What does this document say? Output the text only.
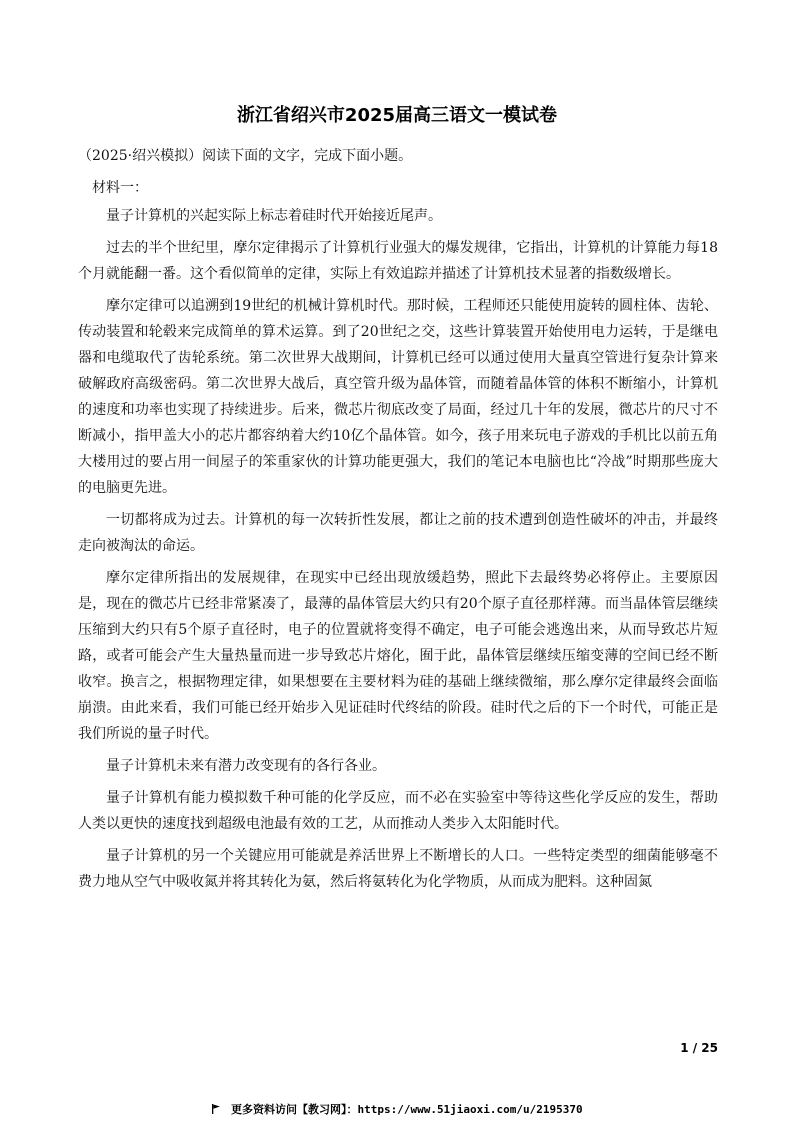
浙江省绍兴市2025届高三语文一模试卷
（2025·绍兴模拟）阅读下面的文字，完成下面小题。
材料一：

量子计算机的兴起实际上标志着硅时代开始接近尾声。

过去的半个世纪里，摩尔定律揭示了计算机行业强大的爆发规律，它指出，计算机的计算能力每18个月就能翻一番。这个看似简单的定律，实际上有效追踪并描述了计算机技术显著的指数级增长。

摩尔定律可以追溯到19世纪的机械计算机时代。那时候，工程师还只能使用旋转的圆柱体、齿轮、传动装置和轮毂来完成简单的算术运算。到了20世纪之交，这些计算装置开始使用电力运转，于是继电器和电缆取代了齿轮系统。第二次世界大战期间，计算机已经可以通过使用大量真空管进行复杂计算来破解政府高级密码。第二次世界大战后，真空管升级为晶体管，而随着晶体管的体积不断缩小，计算机的速度和功率也实现了持续进步。后来，微芯片彻底改变了局面，经过几十年的发展，微芯片的尺寸不断减小，指甲盖大小的芯片都容纳着大约10亿个晶体管。如今，孩子用来玩电子游戏的手机比以前五角大楼用过的要占用一间屋子的笨重家伙的计算功能更强大，我们的笔记本电脑也比“冷战”时期那些庞大的电脑更先进。

一切都将成为过去。计算机的每一次转折性发展，都让之前的技术遭到创造性破坏的冲击，并最终走向被淘汰的命运。

摩尔定律所指出的发展规律，在现实中已经出现放缓趋势，照此下去最终势必将停止。主要原因是，现在的微芯片已经非常紧凑了，最薄的晶体管层大约只有20个原子直径那样薄。而当晶体管层继续压缩到大约只有5个原子直径时，电子的位置就将变得不确定，电子可能会逃逸出来，从而导致芯片短路，或者可能会产生大量热量而进一步导致芯片熔化，囿于此，晶体管层继续压缩变薄的空间已经不断收窄。换言之，根据物理定律，如果想要在主要材料为硅的基础上继续微缩，那么摩尔定律最终会面临崩溃。由此来看，我们可能已经开始步入见证硅时代终结的阶段。硅时代之后的下一个时代，可能正是我们所说的量子时代。

量子计算机未来有潜力改变现有的各行各业。

量子计算机有能力模拟数千种可能的化学反应，而不必在实验室中等待这些化学反应的发生，帮助人类以更快的速度找到超级电池最有效的工艺，从而推动人类步入太阳能时代。

量子计算机的另一个关键应用可能就是养活世界上不断增长的人口。一些特定类型的细菌能够毫不费力地从空气中吸收氮并将其转化为氨，然后将氨转化为化学物质，从而成为肥料。这种固氮

1 / 25
更多资料访问【教习网】：https://www.51jiaoxi.com/u/2195370
